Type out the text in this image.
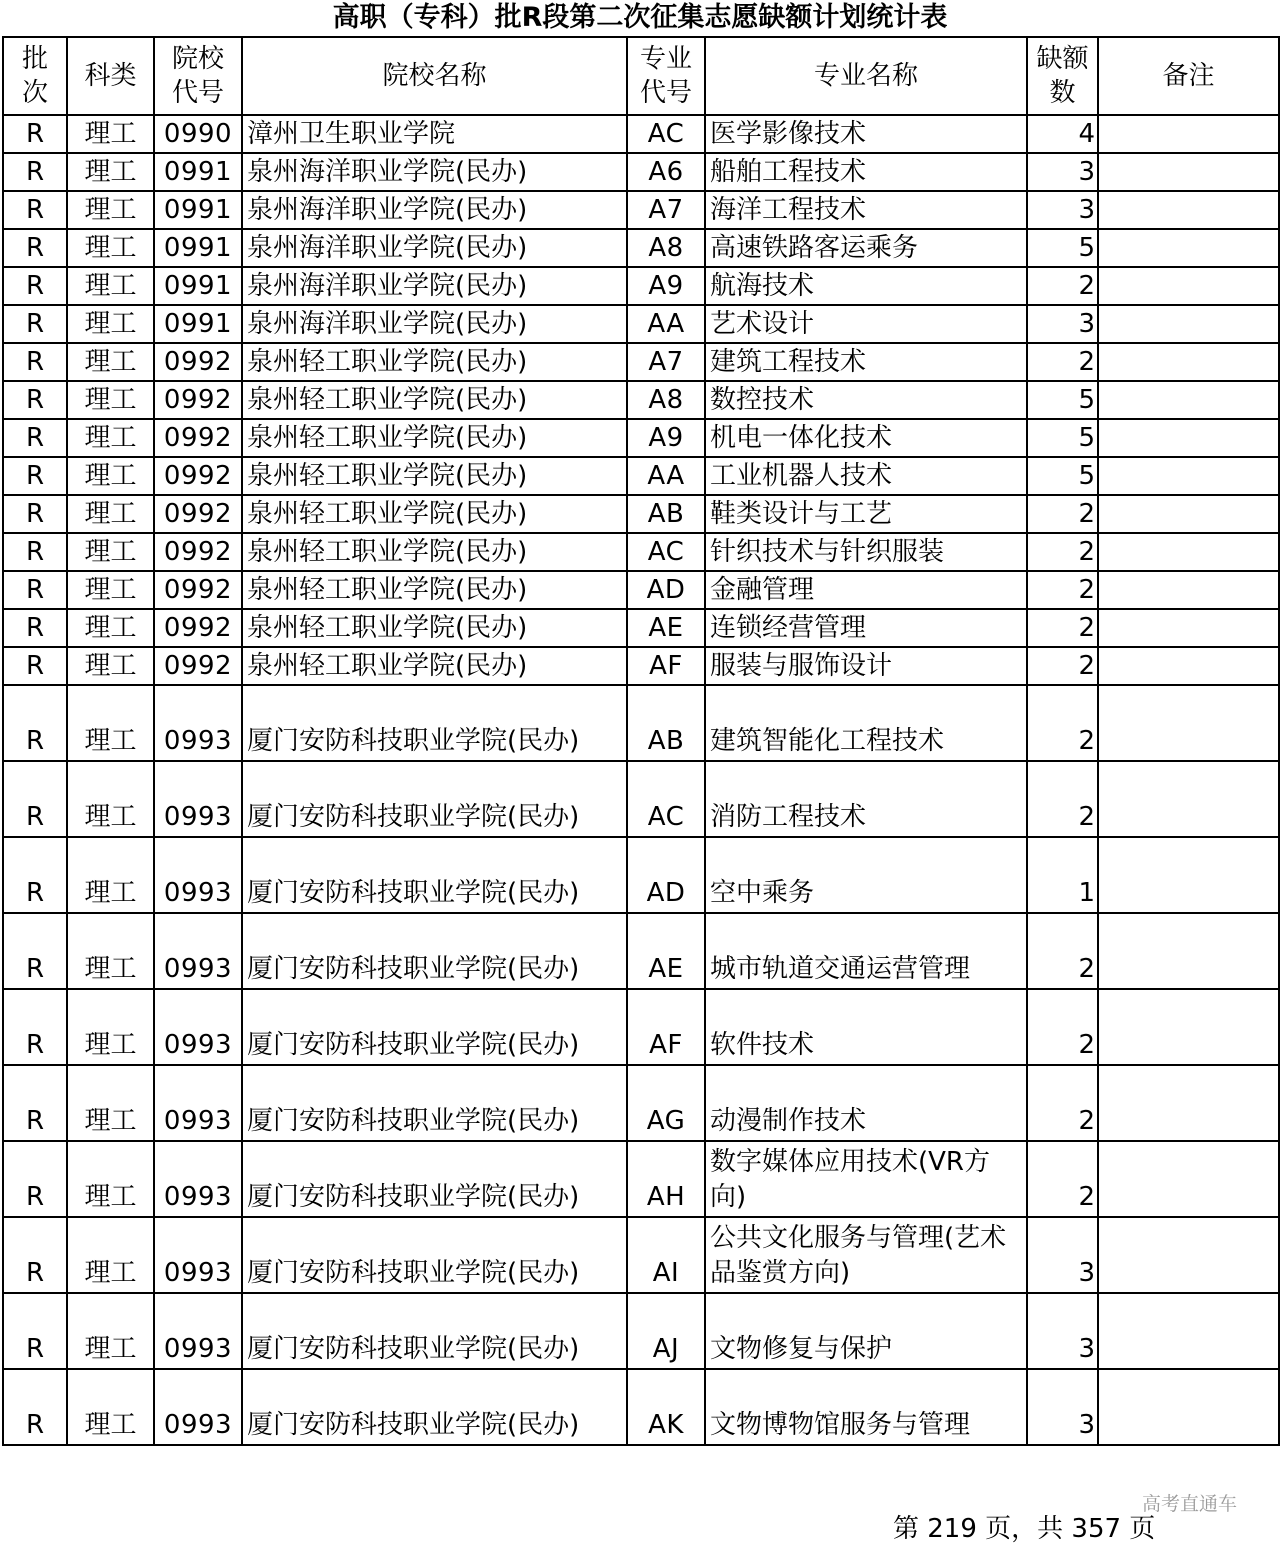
高职（专科）批R段第二次征集志愿缺额计划统计表
批次	科类	院校代号	院校名称	专业代号	专业名称	缺额数	备注
R	理工	0990	漳州卫生职业学院	AC	医学影像技术	4	
R	理工	0991	泉州海洋职业学院(民办)	A6	船舶工程技术	3	
R	理工	0991	泉州海洋职业学院(民办)	A7	海洋工程技术	3	
R	理工	0991	泉州海洋职业学院(民办)	A8	高速铁路客运乘务	5	
R	理工	0991	泉州海洋职业学院(民办)	A9	航海技术	2	
R	理工	0991	泉州海洋职业学院(民办)	AA	艺术设计	3	
R	理工	0992	泉州轻工职业学院(民办)	A7	建筑工程技术	2	
R	理工	0992	泉州轻工职业学院(民办)	A8	数控技术	5	
R	理工	0992	泉州轻工职业学院(民办)	A9	机电一体化技术	5	
R	理工	0992	泉州轻工职业学院(民办)	AA	工业机器人技术	5	
R	理工	0992	泉州轻工职业学院(民办)	AB	鞋类设计与工艺	2	
R	理工	0992	泉州轻工职业学院(民办)	AC	针织技术与针织服装	2	
R	理工	0992	泉州轻工职业学院(民办)	AD	金融管理	2	
R	理工	0992	泉州轻工职业学院(民办)	AE	连锁经营管理	2	
R	理工	0992	泉州轻工职业学院(民办)	AF	服装与服饰设计	2	
R	理工	0993	厦门安防科技职业学院(民办)	AB	建筑智能化工程技术	2	
R	理工	0993	厦门安防科技职业学院(民办)	AC	消防工程技术	2	
R	理工	0993	厦门安防科技职业学院(民办)	AD	空中乘务	1	
R	理工	0993	厦门安防科技职业学院(民办)	AE	城市轨道交通运营管理	2	
R	理工	0993	厦门安防科技职业学院(民办)	AF	软件技术	2	
R	理工	0993	厦门安防科技职业学院(民办)	AG	动漫制作技术	2	
R	理工	0993	厦门安防科技职业学院(民办)	AH	数字媒体应用技术(VR方向)	2	
R	理工	0993	厦门安防科技职业学院(民办)	AI	公共文化服务与管理(艺术品鉴赏方向)	3	
R	理工	0993	厦门安防科技职业学院(民办)	AJ	文物修复与保护	3	
R	理工	0993	厦门安防科技职业学院(民办)	AK	文物博物馆服务与管理	3	
高考直通车
第 219 页，共 357 页
